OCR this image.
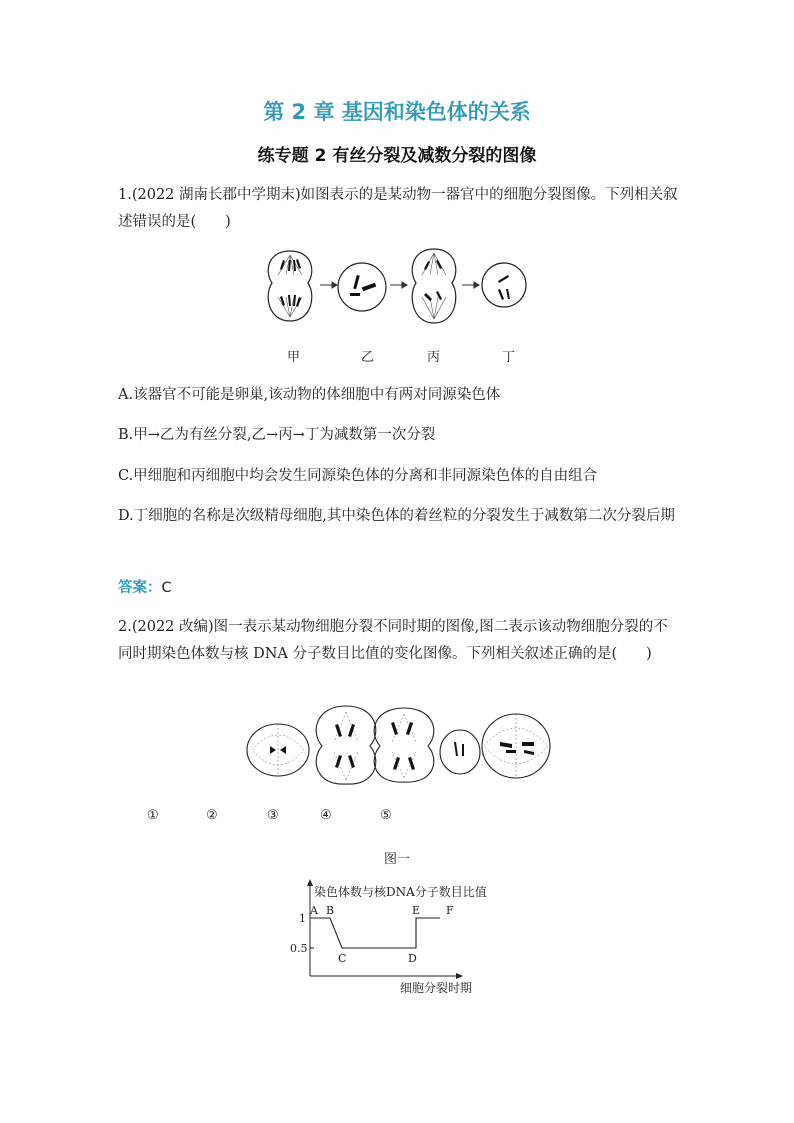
第 2 章 基因和染色体的关系
练专题 2 有丝分裂及减数分裂的图像
1.(2022 湖南长郡中学期末)如图表示的是某动物一器官中的细胞分裂图像。下列相关叙述错误的是(　　)
甲	乙	丙	丁
A.该器官不可能是卵巢,该动物的体细胞中有两对同源染色体
B.甲→乙为有丝分裂,乙→丙→丁为减数第一次分裂
C.甲细胞和丙细胞中均会发生同源染色体的分离和非同源染色体的自由组合
D.丁细胞的名称是次级精母细胞,其中染色体的着丝粒的分裂发生于减数第二次分裂后期
答案：C
2.(2022 改编)图一表示某动物细胞分裂不同时期的图像,图二表示该动物细胞分裂的不同时期染色体数与核 DNA 分子数目比值的变化图像。下列相关叙述正确的是(　　)
①	②	③	④	⑤
图一
染色体数与核DNA分子数目比值
细胞分裂时期
1
0.5
A B
C	D
E F
